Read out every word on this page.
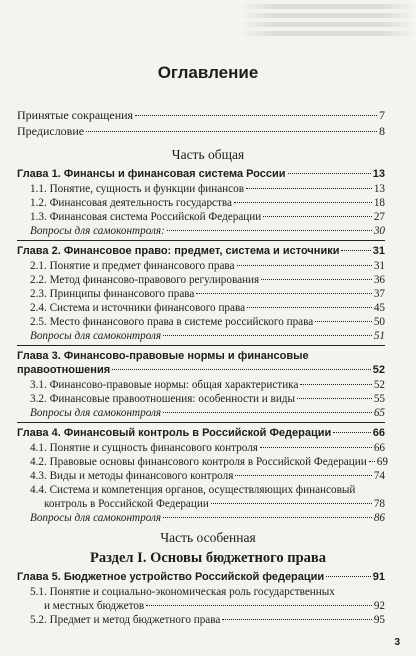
Оглавление
Принятые сокращения	7
Предисловие	8
Часть общая
Глава 1. Финансы и финансовая система России	13
1.1. Понятие, сущность и функции финансов	13
1.2. Финансовая деятельность государства	18
1.3. Финансовая система Российской Федерации	27
Вопросы для самоконтроля:	30
Глава 2. Финансовое право: предмет, система и источники	31
2.1. Понятие и предмет финансового права	31
2.2. Метод финансово-правового регулирования	36
2.3. Принципы финансового права	37
2.4. Система и источники финансового права	45
2.5. Место финансового права в системе российского права	50
Вопросы для самоконтроля	51
Глава 3. Финансово-правовые нормы и финансовые
правоотношения	52
3.1. Финансово-правовые нормы: общая характеристика	52
3.2. Финансовые правоотношения: особенности и виды	55
Вопросы для самоконтроля	65
Глава 4. Финансовый контроль в Российской Федерации	66
4.1. Понятие и сущность финансового контроля	66
4.2. Правовые основы финансового контроля в Российской Федерации 69
4.3. Виды и методы финансового контроля	74
4.4. Система и компетенция органов, осуществляющих финансовый
контроль в Российской Федерации	78
Вопросы для самоконтроля	86
Часть особенная
Раздел I. Основы бюджетного права
Глава 5. Бюджетное устройство Российской федерации	91
5.1. Понятие и социально-экономическая роль государственных
и местных бюджетов	92
5.2. Предмет и метод бюджетного права	95
3
